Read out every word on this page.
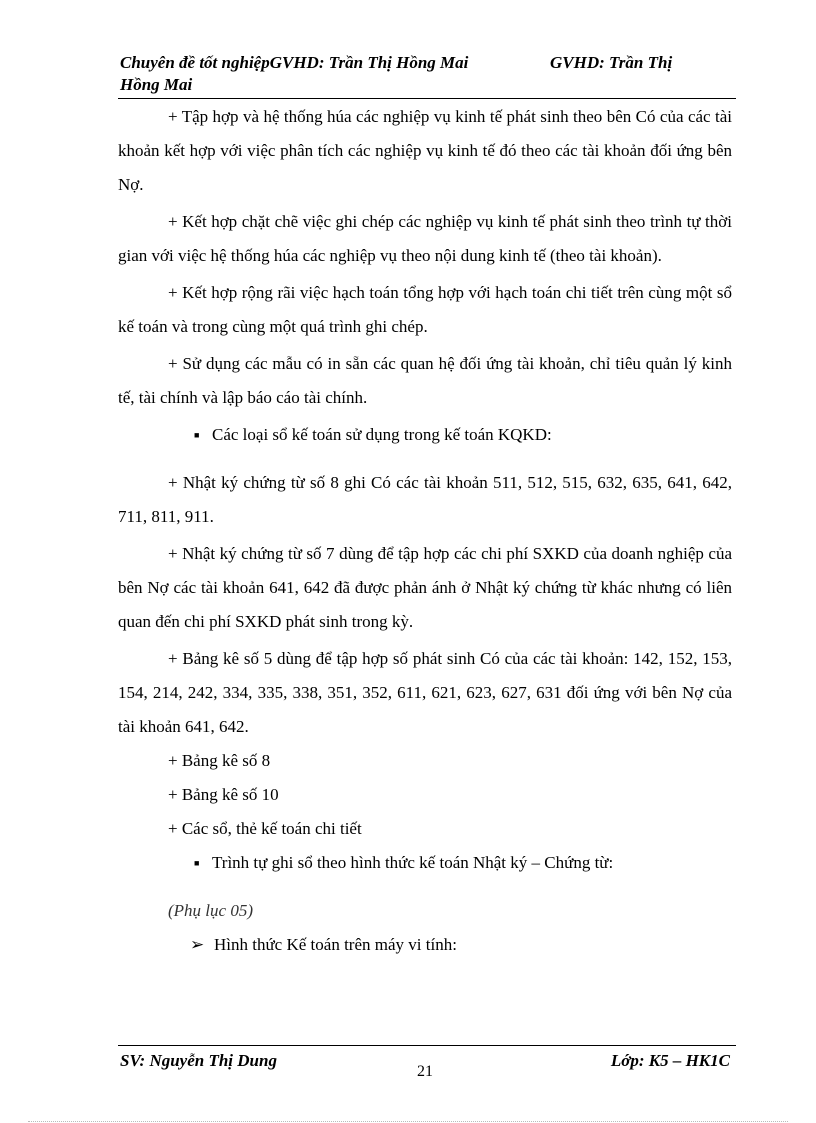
Chuyên đề tốt nghiệpGVHD: Trần Thị Hồng Mai	GVHD: Trần Thị
Hồng Mai

+ Tập hợp và hệ thống húa các nghiệp vụ kinh tế phát sinh theo bên Có của các tài khoản kết hợp với việc phân tích các nghiệp vụ kinh tế đó theo các tài khoản đối ứng bên Nợ.

+ Kết hợp chặt chẽ việc ghi chép các nghiệp vụ kinh tế phát sinh theo trình tự thời gian với việc hệ thống húa các nghiệp vụ theo nội dung kinh tế (theo tài khoản).

+ Kết hợp rộng rãi việc hạch toán tổng hợp với hạch toán chi tiết trên cùng một sổ kế toán và trong cùng một quá trình ghi chép.

+ Sử dụng các mẫu có in sẵn các quan hệ đối ứng tài khoản, chỉ tiêu quản lý kinh tế, tài chính và lập báo cáo tài chính.

■ Các loại sổ kế toán sử dụng trong kế toán KQKD:

+ Nhật ký chứng từ số 8 ghi Có các tài khoản 511, 512, 515, 632, 635, 641, 642, 711, 811, 911.

+ Nhật ký chứng từ số 7 dùng để tập hợp các chi phí SXKD của doanh nghiệp của bên Nợ các tài khoản 641, 642 đã được phản ánh ở Nhật ký chứng từ khác nhưng có liên quan đến chi phí SXKD phát sinh trong kỳ.

+ Bảng kê số 5 dùng để tập hợp số phát sinh Có của các tài khoản: 142, 152, 153, 154, 214, 242, 334, 335, 338, 351, 352, 611, 621, 623, 627, 631 đối ứng với bên Nợ của tài khoản 641, 642.

+ Bảng kê số 8

+ Bảng kê số 10

+ Các sổ, thẻ kế toán chi tiết

■ Trình tự ghi sổ theo hình thức kế toán Nhật ký – Chứng từ:

(Phụ lục 05)

➢ Hình thức Kế toán trên máy vi tính:

SV: Nguyễn Thị Dung
21
Lớp: K5 – HK1C
